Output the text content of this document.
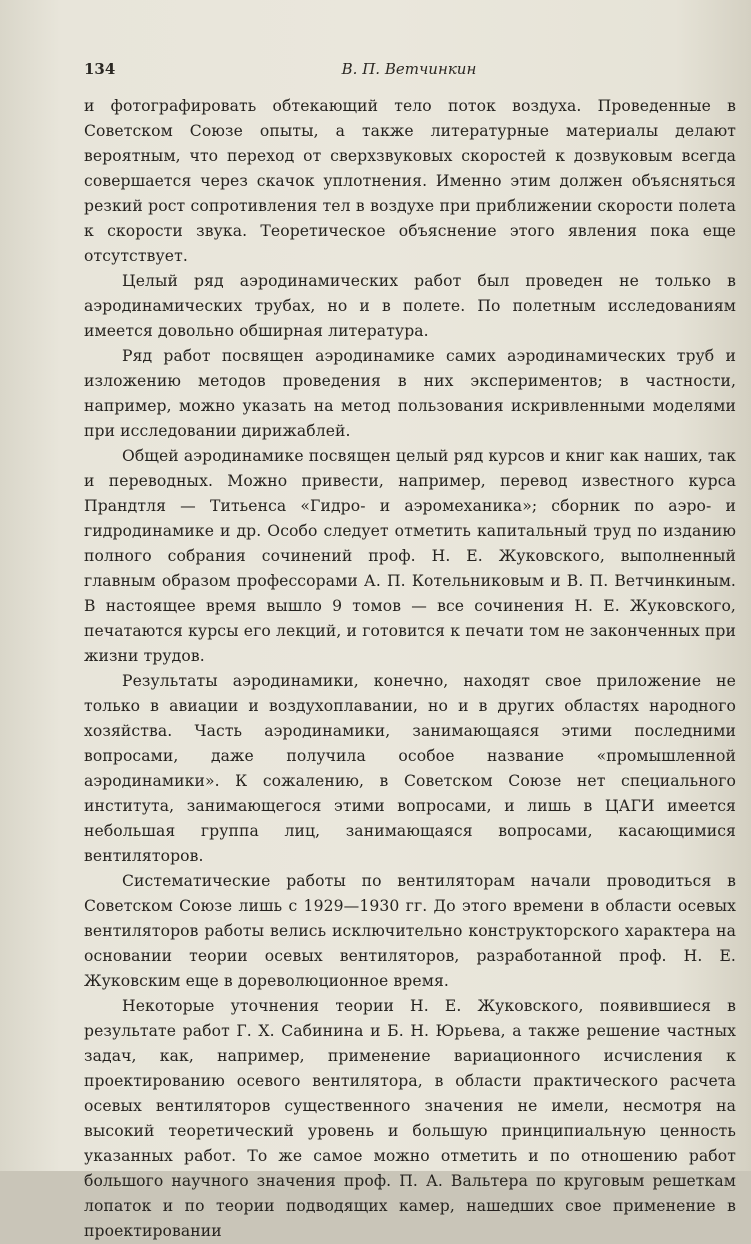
134	В. П. Ветчинкин

и фотографировать обтекающий тело поток воздуха. Проведенные в Советском Союзе опыты, а также литературные материалы делают вероятным, что переход от сверхзвуковых скоростей к дозвуковым всегда совершается через скачок уплотнения. Именно этим должен объясняться резкий рост сопротивления тел в воздухе при приближении скорости полета к скорости звука. Теоретическое объяснение этого явления пока еще отсутствует.

Целый ряд аэродинамических работ был проведен не только в аэродинамических трубах, но и в полете. По полетным исследованиям имеется довольно обширная литература.

Ряд работ посвящен аэродинамике самих аэродинамических труб и изложению методов проведения в них экспериментов; в частности, например, можно указать на метод пользования искривленными моделями при исследовании дирижаблей.

Общей аэродинамике посвящен целый ряд курсов и книг как наших, так и переводных. Можно привести, например, перевод известного курса Прандтля — Титьенса «Гидро- и аэромеханика»; сборник по аэро- и гидродинамике и др. Особо следует отметить капитальный труд по изданию полного собрания сочинений проф. Н. Е. Жуковского, выполненный главным образом профессорами А. П. Котельниковым и В. П. Ветчинкиным. В настоящее время вышло 9 томов — все сочинения Н. Е. Жуковского, печатаются курсы его лекций, и готовится к печати том не законченных при жизни трудов.

Результаты аэродинамики, конечно, находят свое приложение не только в авиации и воздухоплавании, но и в других областях народного хозяйства. Часть аэродинамики, занимающаяся этими последними вопросами, даже получила особое название «промышленной аэродинамики». К сожалению, в Советском Союзе нет специального института, занимающегося этими вопросами, и лишь в ЦАГИ имеется небольшая группа лиц, занимающаяся вопросами, касающимися вентиляторов.

Систематические работы по вентиляторам начали проводиться в Советском Союзе лишь с 1929—1930 гг. До этого времени в области осевых вентиляторов работы велись исключительно конструкторского характера на основании теории осевых вентиляторов, разработанной проф. Н. Е. Жуковским еще в дореволюционное время.

Некоторые уточнения теории Н. Е. Жуковского, появившиеся в результате работ Г. Х. Сабинина и Б. Н. Юрьева, а также решение частных задач, как, например, применение вариационного исчисления к проектированию осевого вентилятора, в области практического расчета осевых вентиляторов существенного значения не имели, несмотря на высокий теоретический уровень и большую принципиальную ценность указанных работ. То же самое можно отметить и по отношению работ большого научного значения проф. П. А. Вальтера по круговым решеткам лопаток и по теории подводящих камер, нашедших свое применение в проектировании
